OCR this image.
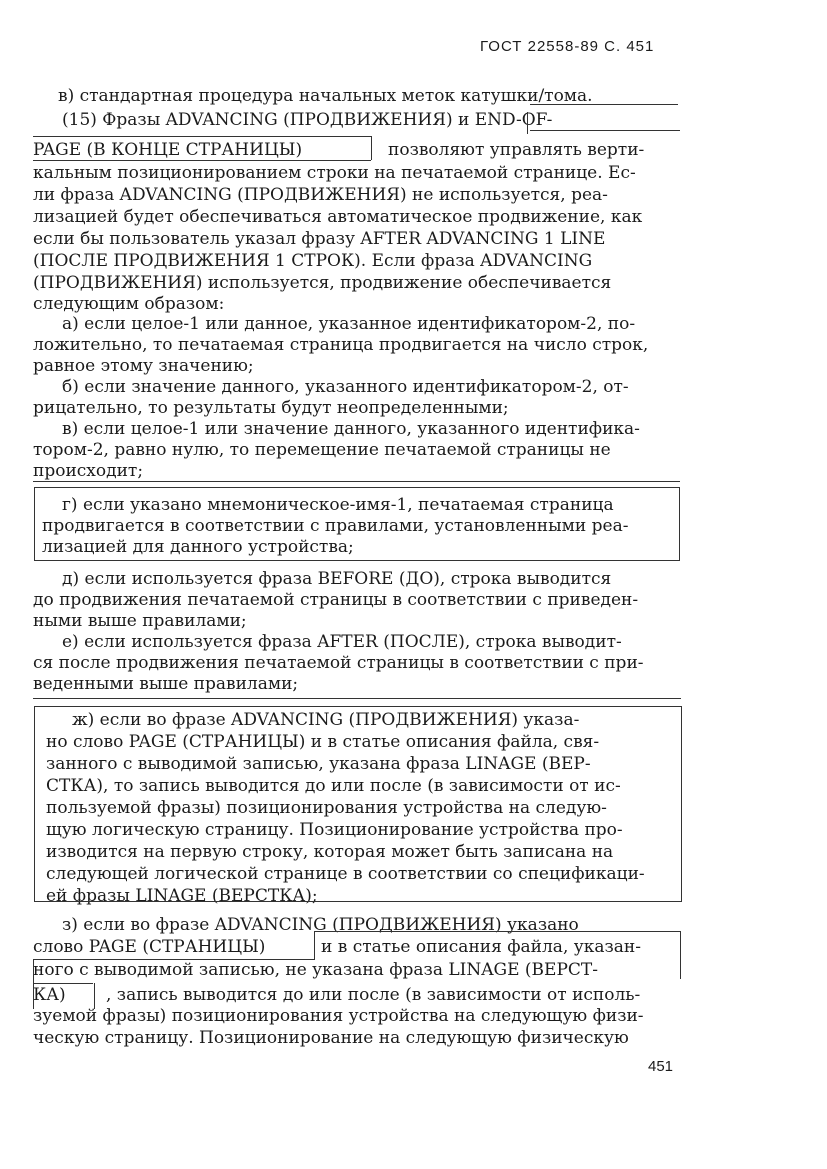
ГОСТ 22558-89 С. 451
в) стандартная процедура начальных меток катушки/тома.
(15) Фразы ADVANCING (ПРОДВИЖЕНИЯ) и END-OF-
PAGE (В КОНЦЕ СТРАНИЦЫ)	позволяют управлять верти-
кальным позиционированием строки на печатаемой странице. Ес-
ли фраза ADVANCING (ПРОДВИЖЕНИЯ) не используется, реа-
лизацией будет обеспечиваться автоматическое продвижение, как
если бы пользователь указал фразу AFTER ADVANCING 1 LINE
(ПОСЛЕ ПРОДВИЖЕНИЯ 1 СТРОК). Если фраза ADVANCING
(ПРОДВИЖЕНИЯ) используется, продвижение обеспечивается
следующим образом:
а) если целое-1 или данное, указанное идентификатором-2, по-
ложительно, то печатаемая страница продвигается на число строк,
равное этому значению;
б) если значение данного, указанного идентификатором-2, от-
рицательно, то результаты будут неопределенными;
в) если целое-1 или значение данного, указанного идентифика-
тором-2, равно нулю, то перемещение печатаемой страницы не
происходит;
г) если указано мнемоническое-имя-1, печатаемая страница
продвигается в соответствии с правилами, установленными реа-
лизацией для данного устройства;
д) если используется фраза BEFORE (ДО), строка выводится
до продвижения печатаемой страницы в соответствии с приведен-
ными выше правилами;
е) если используется фраза AFTER (ПОСЛЕ), строка выводит-
ся после продвижения печатаемой страницы в соответствии с при-
веденными выше правилами;
ж) если во фразе ADVANCING (ПРОДВИЖЕНИЯ) указа-
но слово PAGE (СТРАНИЦЫ) и в статье описания файла, свя-
занного с выводимой записью, указана фраза LINAGE (ВЕР-
СТКА), то запись выводится до или после (в зависимости от ис-
пользуемой фразы) позиционирования устройства на следую-
щую логическую страницу. Позиционирование устройства про-
изводится на первую строку, которая может быть записана на
следующей логической странице в соответствии со спецификаци-
ей фразы LINAGE (ВЕРСТКА);
з) если во фразе ADVANCING (ПРОДВИЖЕНИЯ) указано
слово PAGE (СТРАНИЦЫ)	и в статье описания файла, указан-
ного с выводимой записью, не указана фраза LINAGE (ВЕРСТ-
КА) , запись выводится до или после (в зависимости от исполь-
зуемой фразы) позиционирования устройства на следующую физи-
ческую страницу. Позиционирование на следующую физическую
451
